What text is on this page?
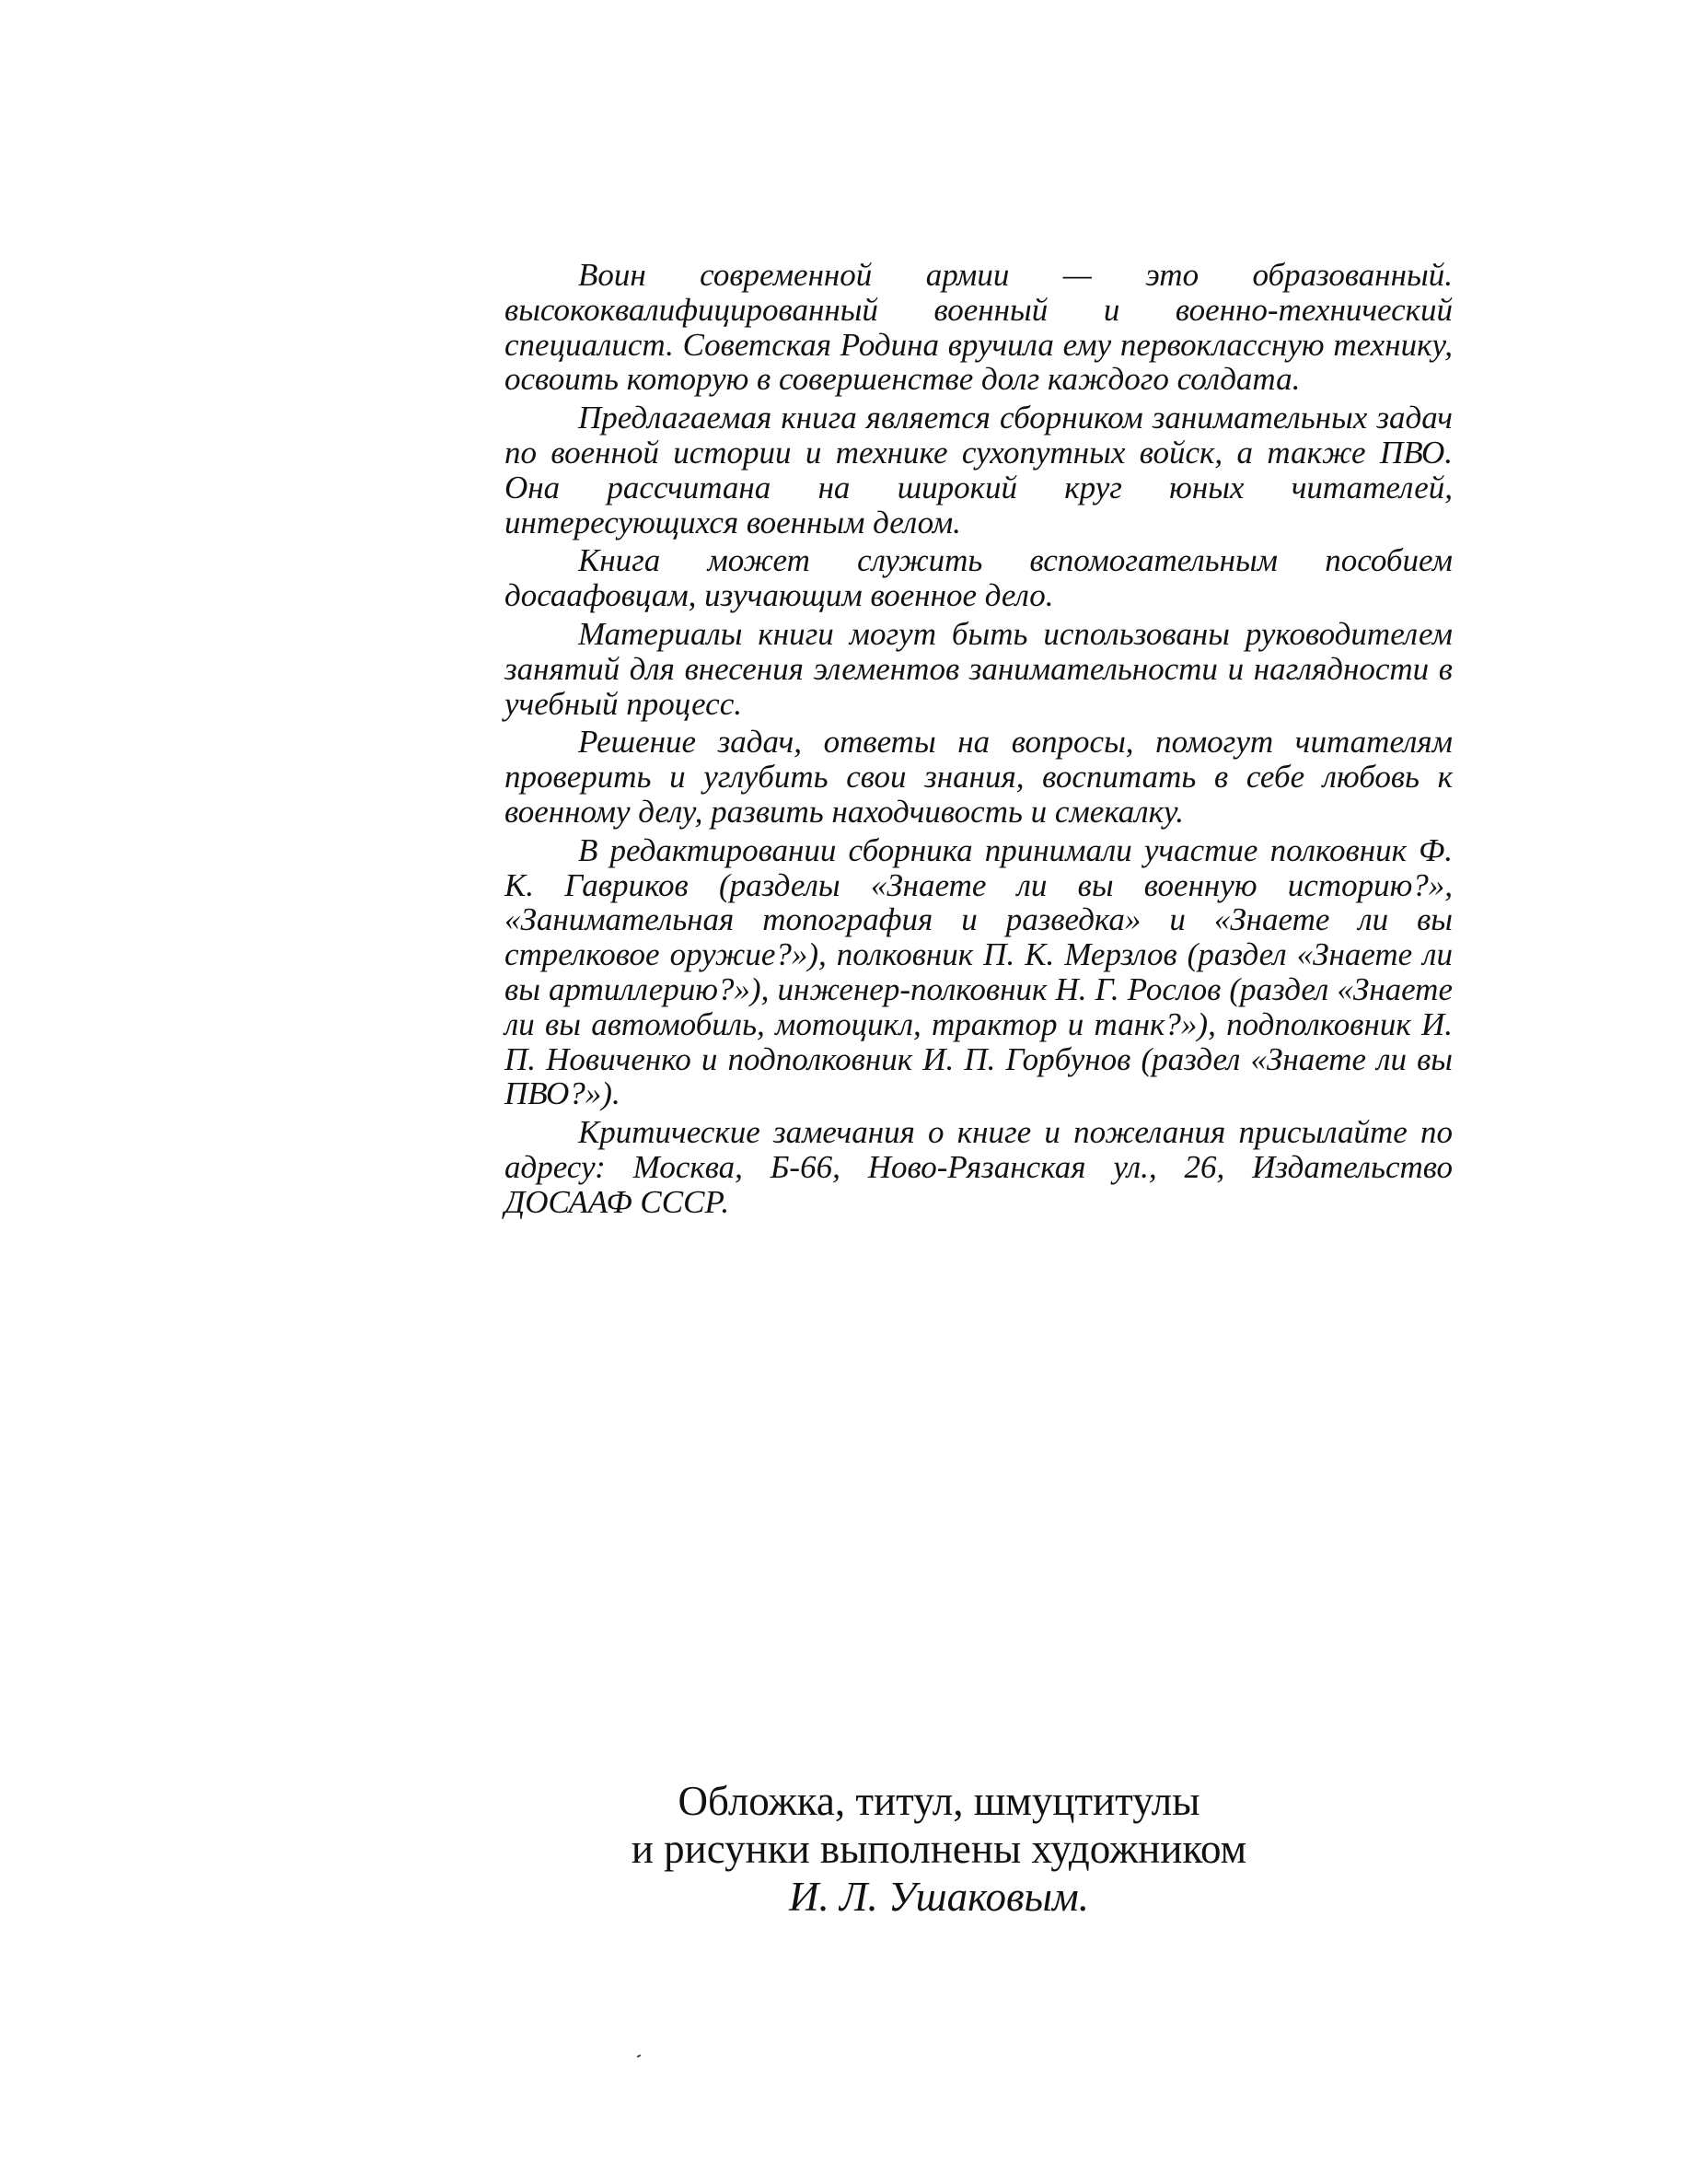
Воин современной армии — это образованный. высококвалифицированный военный и военно-технический специалист. Советская Родина вручила ему первоклассную технику, освоить которую в совершенстве долг каждого солдата.

Предлагаемая книга является сборником занимательных задач по военной истории и технике сухопутных войск, а также ПВО. Она рассчитана на широкий круг юных читателей, интересующихся военным делом.

Книга может служить вспомогательным пособием досаафовцам, изучающим военное дело.

Материалы книги могут быть использованы руководителем занятий для внесения элементов занимательности и наглядности в учебный процесс.

Решение задач, ответы на вопросы, помогут читателям проверить и углубить свои знания, воспитать в себе любовь к военному делу, развить находчивость и смекалку.

В редактировании сборника принимали участие полковник Ф. К. Гавриков (разделы «Знаете ли вы военную историю?», «Занимательная топография и разведка» и «Знаете ли вы стрелковое оружие?»), полковник П. К. Мерзлов (раздел «Знаете ли вы артиллерию?»), инженер-полковник Н. Г. Рослов (раздел «Знаете ли вы автомобиль, мотоцикл, трактор и танк?»), подполковник И. П. Новиченко и подполковник И. П. Горбунов (раздел «Знаете ли вы ПВО?»).

Критические замечания о книге и пожелания присылайте по адресу: Москва, Б-66, Ново-Рязанская ул., 26, Издательство ДОСААФ СССР.

Обложка, титул, шмуцтитулы
и рисунки выполнены художником
И. Л. Ушаковым.
